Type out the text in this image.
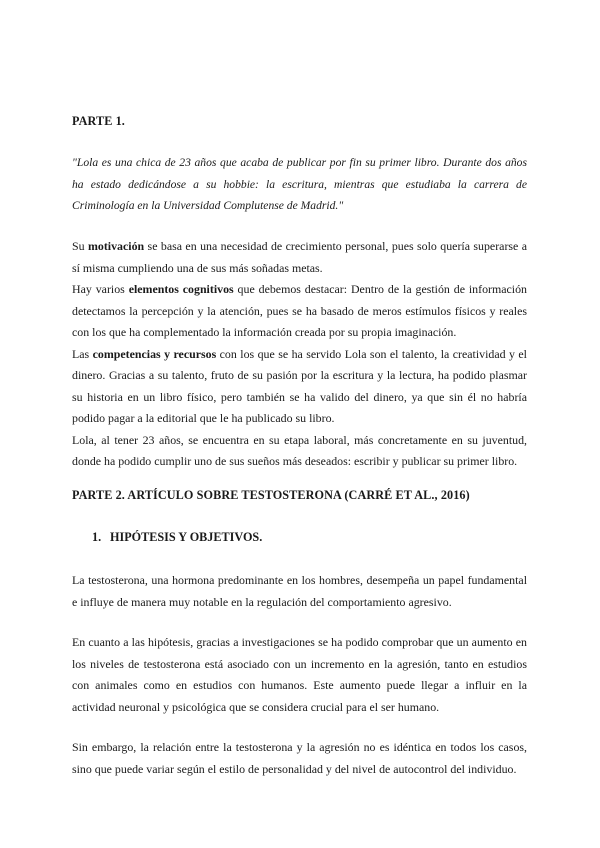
PARTE 1.
"Lola es una chica de 23 años que acaba de publicar por fin su primer libro. Durante dos años ha estado dedicándose a su hobbie: la escritura, mientras que estudiaba la carrera de Criminología en la Universidad Complutense de Madrid."

Su motivación se basa en una necesidad de crecimiento personal, pues solo quería superarse a sí misma cumpliendo una de sus más soñadas metas.

Hay varios elementos cognitivos que debemos destacar: Dentro de la gestión de información detectamos la percepción y la atención, pues se ha basado de meros estímulos físicos y reales con los que ha complementado la información creada por su propia imaginación.

Las competencias y recursos con los que se ha servido Lola son el talento, la creatividad y el dinero. Gracias a su talento, fruto de su pasión por la escritura y la lectura, ha podido plasmar su historia en un libro físico, pero también se ha valido del dinero, ya que sin él no habría podido pagar a la editorial que le ha publicado su libro.

Lola, al tener 23 años, se encuentra en su etapa laboral, más concretamente en su juventud, donde ha podido cumplir uno de sus sueños más deseados: escribir y publicar su primer libro.

PARTE 2. ARTÍCULO SOBRE TESTOSTERONA (CARRÉ ET AL., 2016)
1. HIPÓTESIS Y OBJETIVOS.
La testosterona, una hormona predominante en los hombres, desempeña un papel fundamental e influye de manera muy notable en la regulación del comportamiento agresivo.
En cuanto a las hipótesis, gracias a investigaciones se ha podido comprobar que un aumento en los niveles de testosterona está asociado con un incremento en la agresión, tanto en estudios con animales como en estudios con humanos. Este aumento puede llegar a influir en la actividad neuronal y psicológica que se considera crucial para el ser humano.
Sin embargo, la relación entre la testosterona y la agresión no es idéntica en todos los casos, sino que puede variar según el estilo de personalidad y del nivel de autocontrol del individuo.
